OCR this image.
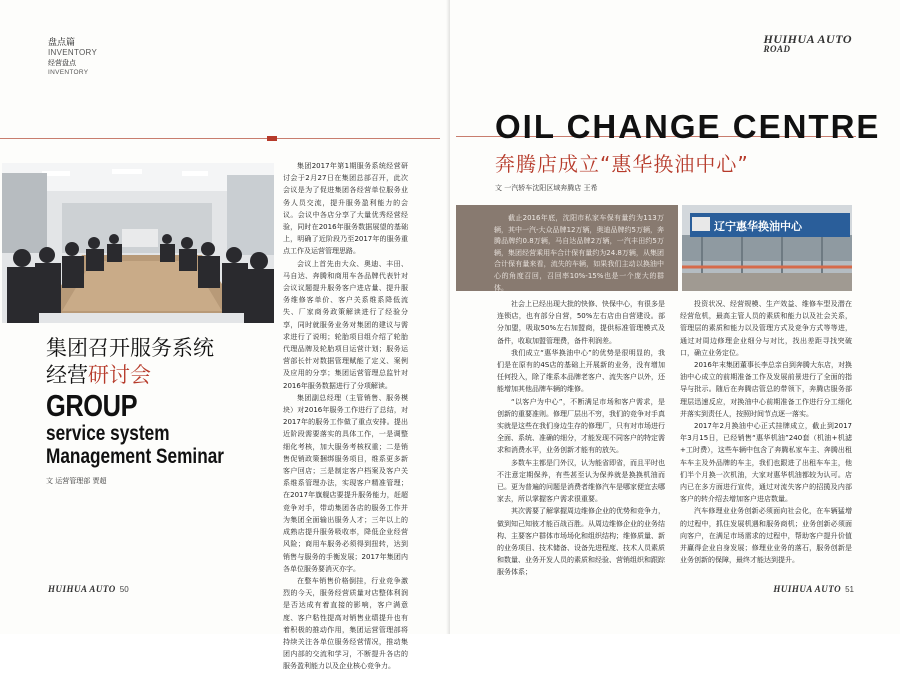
盘点篇
INVENTORY
经营盘点
INVENTORY

集团2017年第1期服务系统经营研讨会于2月27日在集团总部召开，此次会议是为了促进集团各经营单位服务业务人员交流，提升服务盈利能力的会议。会议中各店分享了大量优秀经营经验，同时在2016年服务数据展望的基础上，明确了近阶段乃至2017年的服务重点工作及运营管理思路。

会议上首先由大众、奥迪、丰田、马自达、奔腾和商用车各品牌代表针对会议议题提升服务客户进店量、提升服务维修客单价、客户关系维系降低流失、厂家商务政策解读进行了经验分享，同时就服务业务对集团的建议与需求进行了说明；轮胎项目组介绍了轮胎代理品牌及轮胎项目运营计划；服务运营部长针对数据管理赋能了定义、案例及应用的分享；集团运营管理总监针对2016年服务数据进行了分项解读。

集团副总经理（主管销售、服务模块）对2016年服务工作进行了总结，对2017年的服务工作做了重点安排。提出近阶段需要落实的具体工作，一是调整细化考核，加大服务考核权重；二是销售促销政策捆绑服务项目，维系更多新客户回店；三是制定客户档案及客户关系维系管理办法，实现客户精准管理；在2017年旗舰店要提升服务能力，赶超竞争对手，带动集团各店的服务工作并为集团全面输出服务人才；三年以上的成熟店提升服务吸收率，降低企业经营风险；商用车服务必须得到扭转，达到销售与服务的手衡发展；2017年集团内各单位服务要消灭亦字。

在整车销售价格倒挂，行业竞争激烈的今天，服务经营质量对店整体利润是否达成有着直接的影响，客户满意度、客户粘性提高对销售业绩提升也有着积极的推动作用，集团运营管理部将持续关注各单位服务经营情况，推动集团内部的交流和学习，不断提升各店的服务盈利能力以及企业核心竞争力。

集团召开服务系统
经营研讨会
GROUP
service system
Management Seminar
文 运营管理部 贾超
HUIHUA AUTO 50
HUIHUA AUTO
ROAD
OIL CHANGE CENTRE
奔腾店成立“惠华换油中心”
文 一汽轿车沈阳区域奔腾店 王希

截止2016年底，沈阳市私家车保有量约为113万辆，其中一汽-大众品牌12万辆，奥迪品牌约5万辆，奔腾品牌约0.8万辆，马自达品牌2万辆，一汽丰田约5万辆，集团经营乘用车合计保有量约为24.8万辆，从集团合计保有量来看，流失的车辆，如果我们主动以换油中心的角度召回，召回率10%-15%也是一个庞大的群体。

辽宁惠华换油中心

社会上已经出现大批的快修、快保中心，有很多是连锁店，也有部分自营，50%左右店由自营建设。部分加盟，吸取50%左右加盟商，提供标准管理模式及备件，收取加盟管理费，备件利润差。

我们成立“惠华换油中心”的优势是很明显的，我们是在原有的4S店的基础上开展新的业务，没有增加任何投入，除了维系本品牌老客户、流失客户以外，还能增加其他品牌车辆的维修。

“以客户为中心”，不断满足市场和客户需求，是创新的重要准则。修理厂层出不穷，我们的竞争对手真实就是这些在我们身边生存的修理厂，只有对市场进行全面、系统、准确的细分，才能发现不同客户的特定需求和消费水平，业务创新才能有的放矢。

多数车主都是门外汉，认为能省即省，而且平时也不注意定期保养，有些甚至认为保养就是换换机油而已。更为普遍的问题是消费者维修汽车是哪家便宜去哪家去，所以掌握客户需求很重要。

其次需要了解掌握周边维修企业的优势和竞争力，做到知己知彼才能百战百胜。从周边维修企业的业务结构、主要客户群体市场场化和组织结构；维修质量、新的业务项目、技术储备、设备先进程度、技术人员素质和数量、业务开发人员的素质和经验、营销组织和跟踪服务体系；

投资状况、经营规模、生产效益、维修车型及潜在经营危机，最高主管人员的素质和能力以及社会关系，管理层的素质和能力以及管理方式及竞争方式等等进，通过对周边修理企业细分与对比，找出差距寻找突破口，确立业务定位。

2016年末集团董事长李总亲自到奔腾大东店，对换油中心成立的前期准备工作及发展前景进行了全面的指导与批示。随后在奔腾店管总的带领下，奔腾店服务部理层迅速反应，对换油中心前期准备工作进行分工细化并落实到责任人，按照时间节点逐一落实。

2017年2月换油中心正式挂牌成立，截止到2017年3月15日，已经销售“惠华机油”240套（机油+机滤+工时费），这些车辆中包含了奔腾私家车主、奔腾出租车车主及外品牌的车主，我们也跟进了出租车车主，他们半个月换一次机油，大家对惠华机油都较为认可。店内已在多方面进行宣传，通过对流失客户的招揽及内部客户的转介绍去增加客户进店数量。

汽车修理业业务创新必须面向社会化，在车辆猛增的过程中，抓住发展机遇和服务商机；业务创新必须面向客户，在满足市场需求的过程中，帮助客户提升价值并赢得企业自身发展；修理业业务的落石，服务创新是业务创新的保障，最终才能达到提升。

HUIHUA AUTO 51
